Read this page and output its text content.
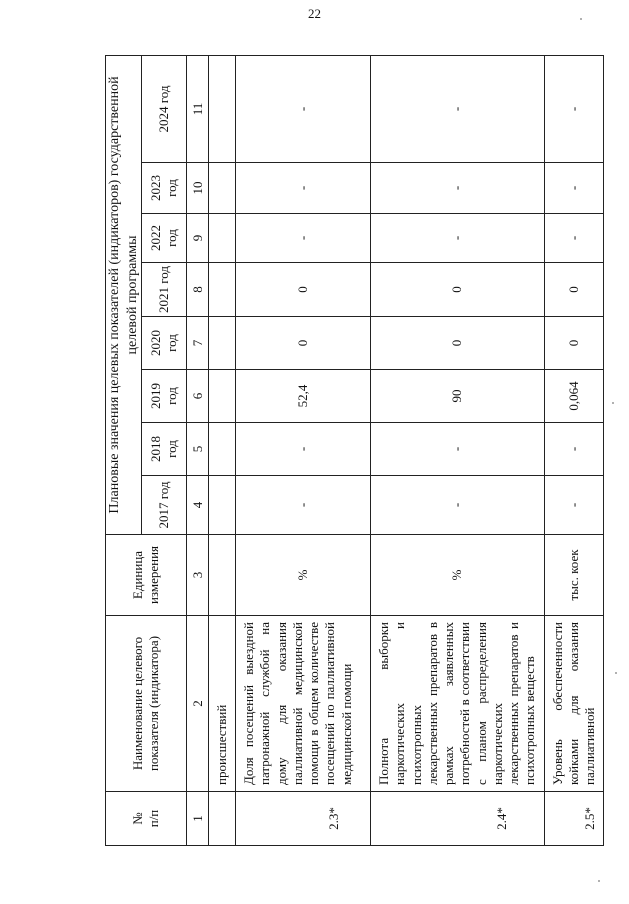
22
№
п/п	Наименование целевого показателя (индикатора)	Единица измерения	Плановые значения целевых показателей (индикаторов) государственной целевой программы							
			2017 год	2018 год	2019 год	2020 год	2021 год	2022 год	2023 год	2024 год
1	2	3	4	5	6	7	8	9	10	11
	происшествий									
2.3*	Доля посещений выездной патронажной службой на дому для оказания паллиативной медицинской помощи в общем количестве посещений по паллиативной медицинской помощи	%	-	-	52,4	0	0	-	-	-
2.4*	Полнота выборки наркотических и психотропных лекарственных препаратов в рамках заявленных потребностей в соответствии с планом распределения наркотических лекарственных препаратов и психотропных веществ	%	-	-	90	0	0	-	-	-
2.5*	Уровень обеспеченности койками для оказания паллиативной	тыс. коек	-	-	0,064	0	0	-	-	-
